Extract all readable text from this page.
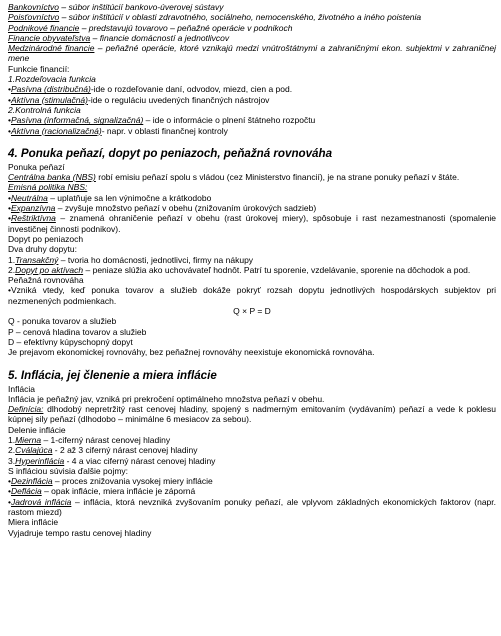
Bankovníctvo – súbor inštitúcií bankovo-úverovej sústavy
Poisťovníctvo – súbor inštitúcií v oblasti zdravotného, sociálneho, nemocenského, životného a iného poistenia
Podnikové financie – predstavujú tovarovo – peňažné operácie v podnikoch
Financie obyvateľstva – financie domácností a jednotlivcov
Medzinárodné financie – peňažné operácie, ktoré vznikajú medzi vnútroštátnymi a zahraničnými ekon. subjektmi v zahraničnej mene
Funkcie financií:
1.Rozdeľovacia funkcia
•Pasívna (distribučná)-ide o rozdeľovanie daní, odvodov, miezd, cien a pod.
•Aktívna (stimulačná)-ide o reguláciu uvedených finančných nástrojov
2.Kontrolná funkcia
•Pasívna (informačná, signalizačná) – ide o informácie o plnení štátneho rozpočtu
•Aktívna (racionalizačná)- napr. v oblasti finančnej kontroly
4. Ponuka peňazí, dopyt po peniazoch, peňažná rovnováha
Ponuka peňazí
Centrálna banka (NBS) robí emisiu peňazí spolu s vládou (cez Ministerstvo financií), je na strane ponuky peňazí v štáte.
Emisná politika NBS:
•Neutrálna – uplatňuje sa len výnimočne a krátkodobo
•Expanzívna – zvyšuje množstvo peňazí v obehu (znižovaním úrokových sadzieb)
•Reštriktívna – znamená ohraničenie peňazí v obehu (rast úrokovej miery), spôsobuje i rast nezamestnanosti (spomalenie investičnej činnosti podnikov).
Dopyt po peniazoch
Dva druhy dopytu:
1.Transakčný – tvoria ho domácnosti, jednotlivci, firmy na nákupy
2.Dopyt po aktívach – peniaze slúžia ako uchovávateľ hodnôt. Patrí tu sporenie, vzdelávanie, sporenie na dôchodok a pod.
Peňažná rovnováha
•Vzniká vtedy, keď ponuka tovarov a služieb dokáže pokryť rozsah dopytu jednotlivých hospodárskych subjektov pri nezmenených podmienkach.
Q × P = D
Q - ponuka tovarov a služieb
P – cenová hladina tovarov a služieb
D – efektívny kúpyschopný dopyt
Je prejavom ekonomickej rovnováhy, bez peňažnej rovnováhy neexistuje ekonomická rovnováha.
5. Inflácia, jej členenie a miera inflácie
Inflácia
Inflácia je peňažný jav, vzniká pri prekročení optimálneho množstva peňazí v obehu.
Definícia: dlhodobý nepretržitý rast cenovej hladiny, spojený s nadmerným emitovaním (vydávaním) peňazí a vede k poklesu kúpnej sily peňazí (dlhodobo – minimálne 6 mesiacov za sebou).
Delenie inflácie
1.Mierna – 1-ciferný nárast cenovej hladiny
2.Cválajúca - 2 až 3 ciferný nárast cenovej hladiny
3.Hyperinflácia - 4 a viac ciferný nárast cenovej hladiny
S infláciou súvisia ďalšie pojmy:
•Dezinflácia – proces znižovania vysokej miery inflácie
•Deflácia – opak inflácie, miera inflácie je záporná
•Jadrová inflácia – inflácia, ktorá nevzniká zvyšovaním ponuky peňazí, ale vplyvom základných ekonomických faktorov (napr. rastom miezd)
Miera inflácie
Vyjadruje tempo rastu cenovej hladiny
